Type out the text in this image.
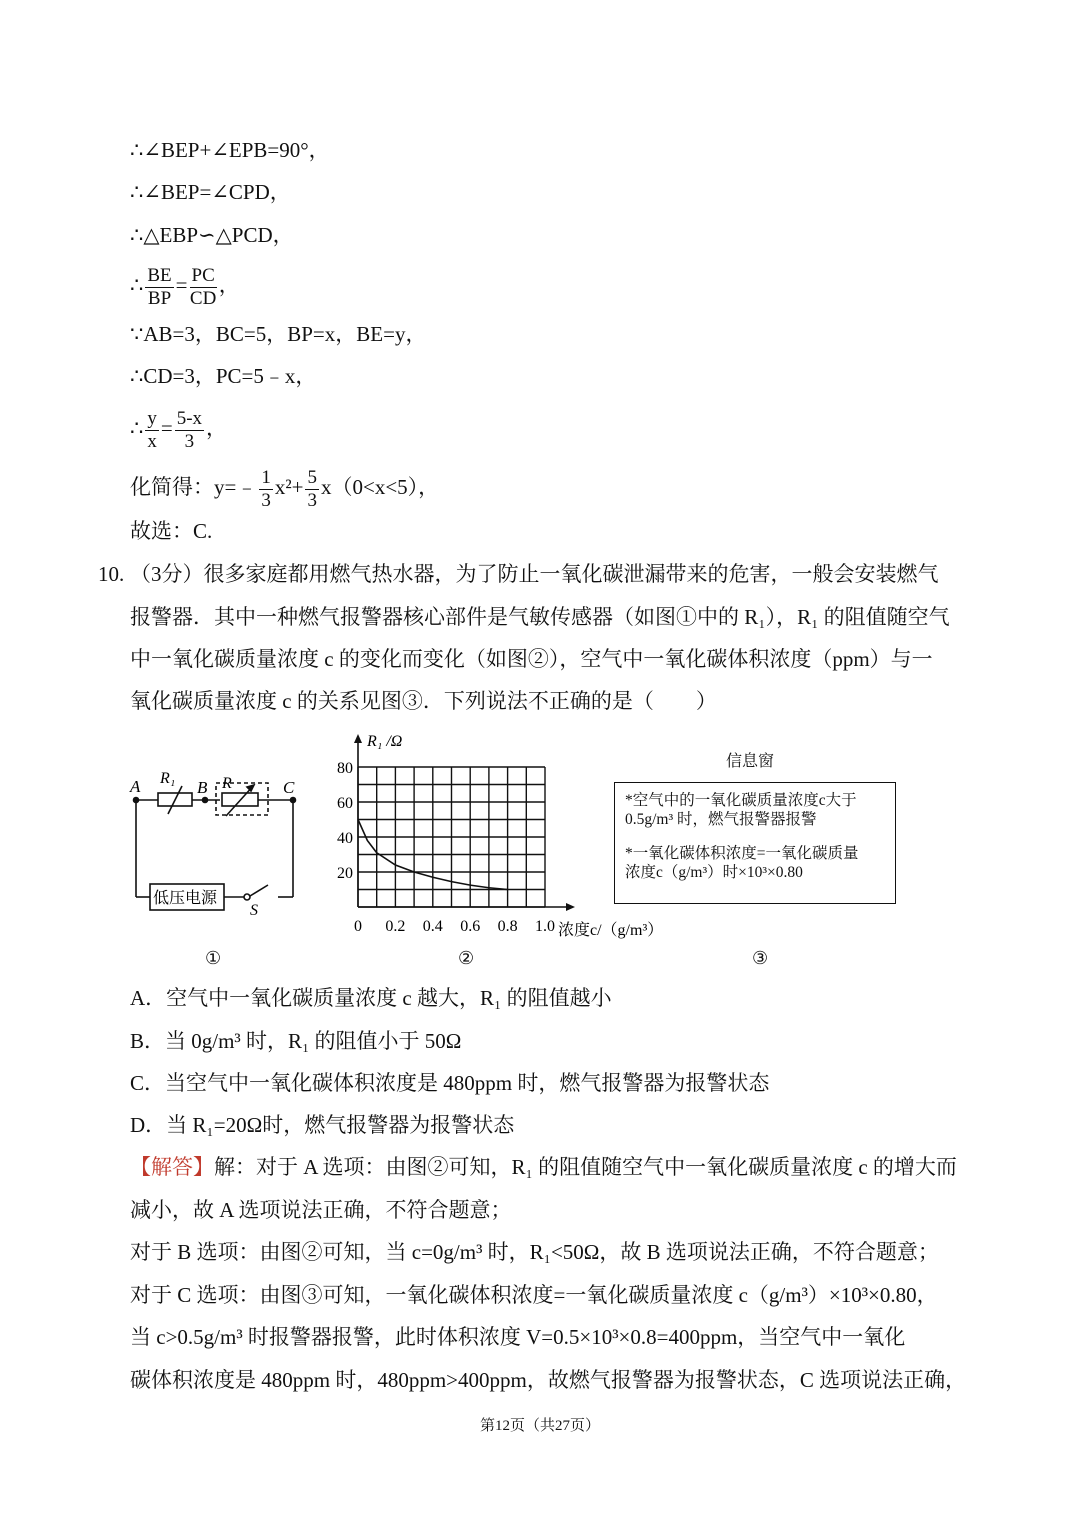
∴∠BEP+∠EPB=90°，
∴∠BEP=∠CPD，
∴△EBP∽△PCD，
∴ $\frac{BE}{BP} = \frac{PC}{CD}$ ，
∵AB=3，BC=5，BP=x，BE=y，
∴CD=3，PC=5﹣x，
∴ $\frac{y}{x} = \frac{5-x}{3}$ ，
化简得：y=﹣ $\frac{1}{3} x^2+ \frac{5}{3} x(0<x<5)$，
故选：C.
10. （3分）很多家庭都用燃气热水器，为了防止一氧化碳泄漏带来的危害，一般会安装燃气
报警器．其中一种燃气报警器核心部件是气敏传感器（如图①中的 R₁），R₁ 的阻值随空气
中一氧化碳质量浓度 c 的变化而变化（如图②），空气中一氧化碳体积浓度（ppm）与一
氧化碳质量浓度 c 的关系见图③．下列说法不正确的是（　　）
A	B	C
R₁	R
S
低压电源
0 0.2 0.4 0.6 0.8 1.0
20
40
60
80
浓度c/（g/m³）
R₁ /Ω
①	②	③
信息窗
*空气中的一氧化碳质量浓度c大于
0.5g/m³ 时，燃气报警器报警
*一氧化碳体积浓度=一氧化碳质量
浓度c（g/m³）时×10³×0.80
A．空气中一氧化碳质量浓度 c 越大，R₁ 的阻值越小
B．当 0g/m³ 时，R₁ 的阻值小于 50Ω
C．当空气中一氧化碳体积浓度是 480ppm 时，燃气报警器为报警状态
D．当 R₁=20Ω时，燃气报警器为报警状态
【解答】解：对于 A 选项：由图②可知，R₁ 的阻值随空气中一氧化碳质量浓度 c 的增大而
减小，故 A 选项说法正确，不符合题意；
对于 B 选项：由图②可知，当 c=0g/m³ 时，R₁<50Ω，故 B 选项说法正确，不符合题意；
对于 C 选项：由图③可知，一氧化碳体积浓度=一氧化碳质量浓度 c（g/m³）×10³×0.80，
当 c>0.5g/m³ 时报警器报警，此时体积浓度 V=0.5×10³×0.8=400ppm，当空气中一氧化
碳体积浓度是 480ppm 时，480ppm>400ppm，故燃气报警器为报警状态，C 选项说法正确，
第12页（共27页）
